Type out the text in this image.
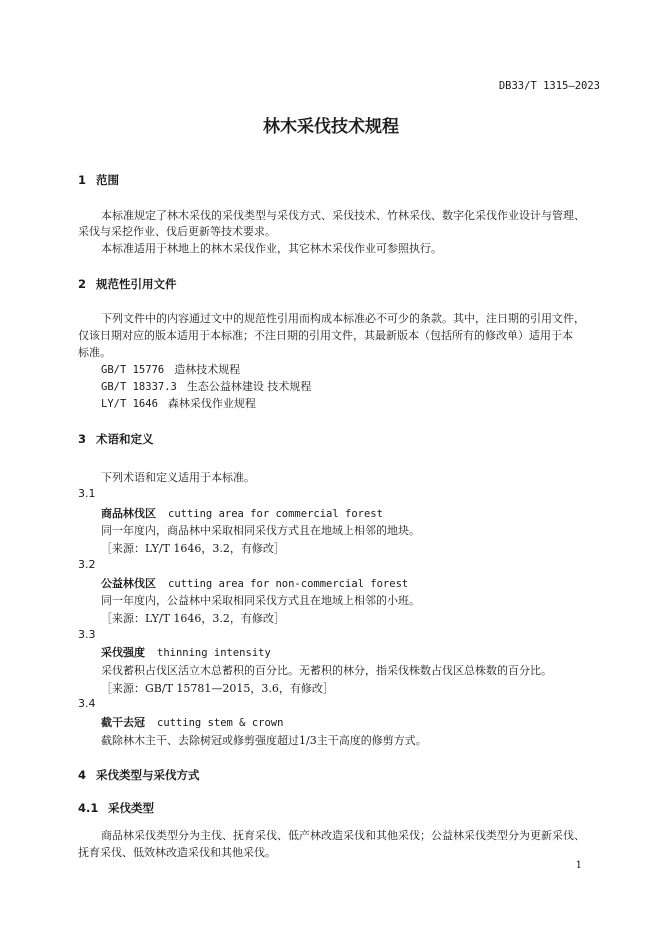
DB33/T 1315—2023
林木采伐技术规程
1 范围
本标准规定了林木采伐的采伐类型与采伐方式、采伐技术、竹林采伐、数字化采伐作业设计与管理、
采伐与采挖作业、伐后更新等技术要求。
本标准适用于林地上的林木采伐作业，其它林木采伐作业可参照执行。
2 规范性引用文件
下列文件中的内容通过文中的规范性引用而构成本标准必不可少的条款。其中，注日期的引用文件，
仅该日期对应的版本适用于本标准；不注日期的引用文件，其最新版本（包括所有的修改单）适用于本
标准。
GB/T 15776 造林技术规程
GB/T 18337.3 生态公益林建设 技术规程
LY/T 1646 森林采伐作业规程
3 术语和定义
下列术语和定义适用于本标准。
3.1
商品林伐区 cutting area for commercial forest
同一年度内，商品林中采取相同采伐方式且在地域上相邻的地块。
［来源：LY/T 1646，3.2，有修改］
3.2
公益林伐区 cutting area for non-commercial forest
同一年度内，公益林中采取相同采伐方式且在地域上相邻的小班。
［来源：LY/T 1646，3.2，有修改］
3.3
采伐强度 thinning intensity
采伐蓄积占伐区活立木总蓄积的百分比。无蓄积的林分，指采伐株数占伐区总株数的百分比。
［来源：GB/T 15781—2015，3.6，有修改］
3.4
截干去冠 cutting stem & crown
截除林木主干、去除树冠或修剪强度超过1/3主干高度的修剪方式。
4 采伐类型与采伐方式
4.1 采伐类型
商品林采伐类型分为主伐、抚育采伐、低产林改造采伐和其他采伐；公益林采伐类型分为更新采伐、
抚育采伐、低效林改造采伐和其他采伐。
1
